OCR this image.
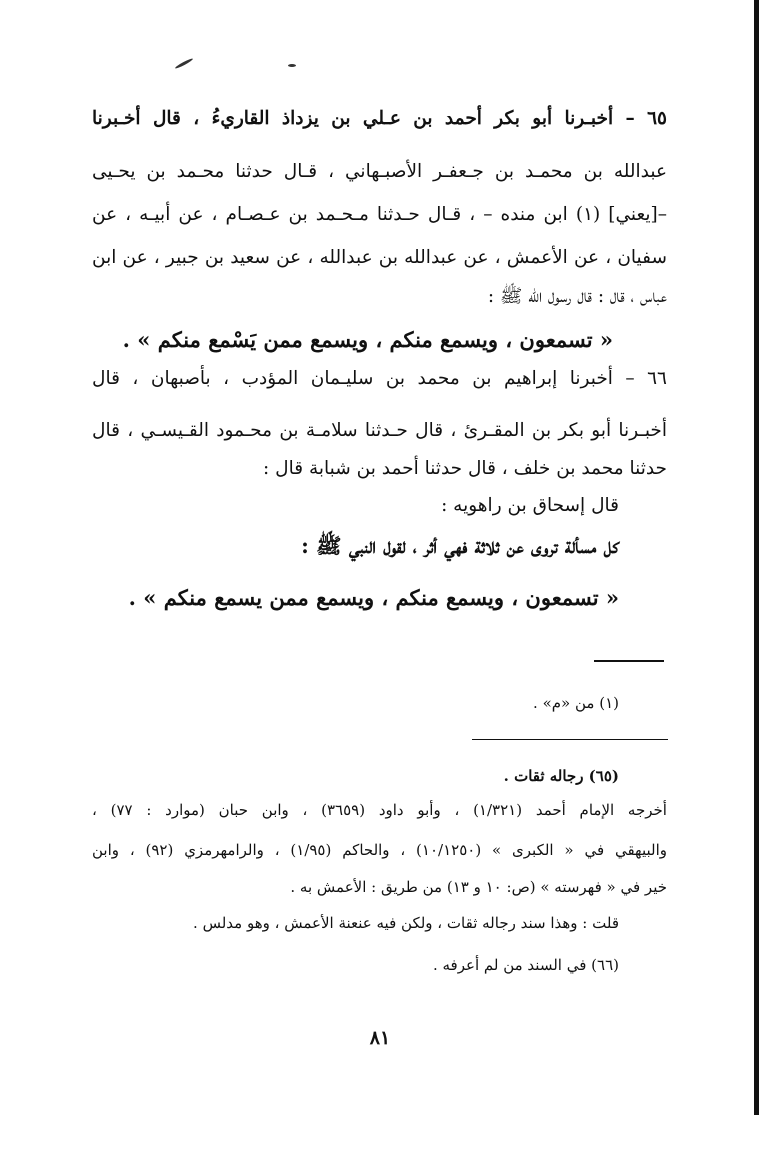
٦٥ – أخبـرنا أبو بكر أحمد بن عـلي بن يزداذ القاريءُ ، قال أخـبرنا
عبدالله بن محمـد بن جـعفـر الأصبـهاني ، قـال حدثنا محـمد بن يحـيى
–[يعني] (١) ابن منده – ، قـال حـدثنا مـحـمد بن عـصـام ، عن أبيـه ، عن
سفيان ، عن الأعمش ، عن عبدالله بن عبدالله ، عن سعيد بن جبير ، عن ابن
عباس ، قال : قال رسول الله ﷺ :
« تسمعون ، ويسمع منكم ، ويسمع ممن يَسْمع منكم » .
٦٦ – أخبرنا إبراهيم بن محمد بن سليـمان المؤدب ، بأصبهان ، قال
أخبـرنا أبو بكر بن المقـرئ ، قال حـدثنا سلامـة بن محـمود القـيسـي ، قال
حدثنا محمد بن خلف ، قال حدثنا أحمد بن شبابة قال :
قال إسحاق بن راهويه :
كل مسألة تروى عن ثلاثة فهي أثر ، لقول النبي ﷺ :
« تسمعون ، ويسمع منكم ، ويسمع ممن يسمع منكم » .
(١) من «م» .
(٦٥) رجاله ثقات .
أخرجه الإمام أحمد (١/٣٢١) ، وأبو داود (٣٦٥٩) ، وابن حبان (موارد : ٧٧) ،
والبيهقي في « الكبرى » (١٠/١٢٥٠) ، والحاكم (١/٩٥) ، والرامهرمزي (٩٢) ، وابن
خير في « فهرسته » (ص: ١٠ و ١٣) من طريق : الأعمش به .
قلت : وهذا سند رجاله ثقات ، ولكن فيه عنعنة الأعمش ، وهو مدلس .
(٦٦) في السند من لم أعرفه .
٨١
